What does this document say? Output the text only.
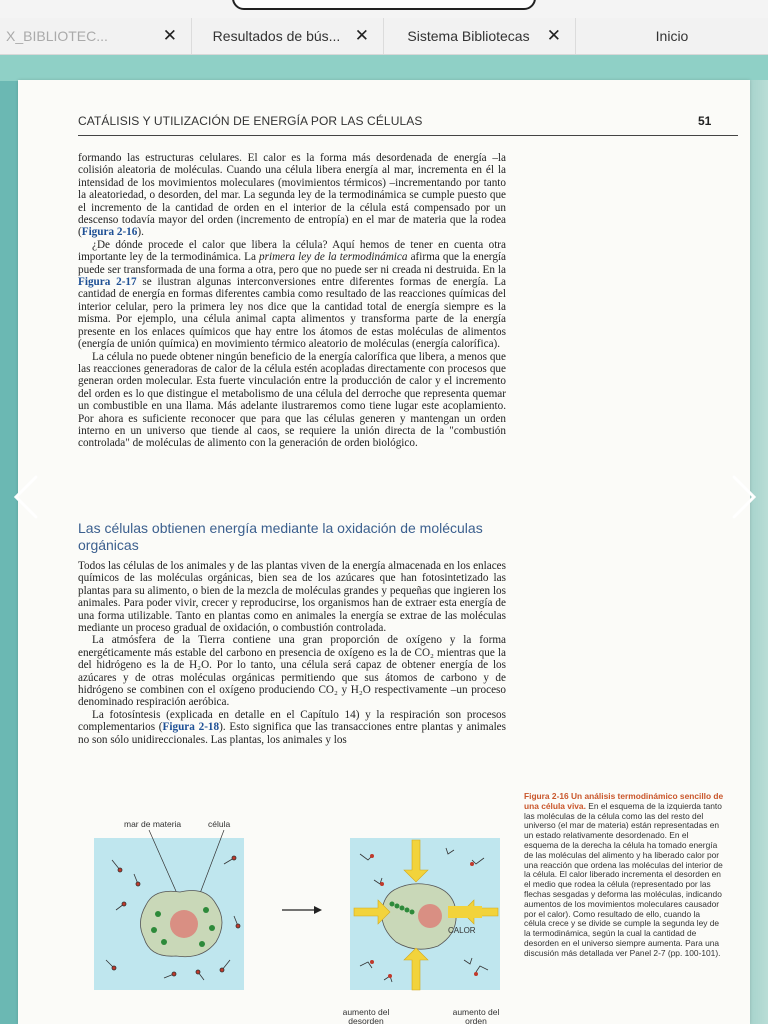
X_BIBLIOTEC...	✕	Resultados de bús... ✕	Sistema Bibliotecas	✕	Inicio
CATÁLISIS Y UTILIZACIÓN DE ENERGÍA POR LAS CÉLULAS	51

formando las estructuras celulares. El calor es la forma más desordenada de energía –la colisión aleatoria de moléculas. Cuando una célula libera energía al mar, incrementa en él la intensidad de los movimientos moleculares (movimientos térmicos) –incrementando por tanto la aleatoriedad, o desorden, del mar. La segunda ley de la termodinámica se cumple puesto que el incremento de la cantidad de orden en el interior de la célula está compensado por un descenso todavía mayor del orden (incremento de entropía) en el mar de materia que la rodea (Figura 2-16).

¿De dónde procede el calor que libera la célula? Aquí hemos de tener en cuenta otra importante ley de la termodinámica. La primera ley de la termodinámica afirma que la energía puede ser transformada de una forma a otra, pero que no puede ser ni creada ni destruida. En la Figura 2-17 se ilustran algunas interconversiones entre diferentes formas de energía. La cantidad de energía en formas diferentes cambia como resultado de las reacciones químicas del interior celular, pero la primera ley nos dice que la cantidad total de energía siempre es la misma. Por ejemplo, una célula animal capta alimentos y transforma parte de la energía presente en los enlaces químicos que hay entre los átomos de estas moléculas de alimentos (energía de unión química) en movimiento térmico aleatorio de moléculas (energía calorífica).

La célula no puede obtener ningún beneficio de la energía calorífica que libera, a menos que las reacciones generadoras de calor de la célula estén acopladas directamente con procesos que generan orden molecular. Esta fuerte vinculación entre la producción de calor y el incremento del orden es lo que distingue el metabolismo de una célula del derroche que representa quemar un combustible en una llama. Más adelante ilustraremos como tiene lugar este acoplamiento. Por ahora es suficiente reconocer que para que las células generen y mantengan un orden interno en un universo que tiende al caos, se requiere la unión directa de la "combustión controlada" de moléculas de alimento con la generación de orden biológico.

Las células obtienen energía mediante la oxidación de moléculas orgánicas

Todos las células de los animales y de las plantas viven de la energía almacenada en los enlaces químicos de las moléculas orgánicas, bien sea de los azúcares que han fotosintetizado las plantas para su alimento, o bien de la mezcla de moléculas grandes y pequeñas que ingieren los animales. Para poder vivir, crecer y reproducirse, los organismos han de extraer esta energía de una forma utilizable. Tanto en plantas como en animales la energía se extrae de las moléculas mediante un proceso gradual de oxidación, o combustión controlada.

La atmósfera de la Tierra contiene una gran proporción de oxígeno y la forma energéticamente más estable del carbono en presencia de oxígeno es la de CO₂ mientras que la del hidrógeno es la de H₂O. Por lo tanto, una célula será capaz de obtener energía de los azúcares y de otras moléculas orgánicas permitiendo que sus átomos de carbono y de hidrógeno se combinen con el oxígeno produciendo CO₂ y H₂O respectivamente –un proceso denominado respiración aeróbica.

La fotosíntesis (explicada en detalle en el Capítulo 14) y la respiración son procesos complementarios (Figura 2-18). Esto significa que las transacciones entre plantas y animales no son sólo unidireccionales. Las plantas, los animales y los

Figura 2-16 Un análisis termodinámico sencillo de una célula viva. En el esquema de la izquierda tanto las moléculas de la célula como las del resto del universo (el mar de materia) están representadas en un estado relativamente desordenado. En el esquema de la derecha la célula ha tomado energía de las moléculas del alimento y ha liberado calor por una reacción que ordena las moléculas del interior de la célula. El calor liberado incrementa el desorden en el medio que rodea la célula (representado por las flechas sesgadas y deforma las moléculas, indicando aumentos de los movimientos moleculares causador por el calor). Como resultado de ello, cuando la célula crece y se divide se cumple la segunda ley de la termodinámica, según la cual la cantidad de desorden en el universo siempre aumenta. Para una discusión más detallada ver Panel 2-7 (pp. 100-101).
mar de materia	célula
CALOR
aumento del desorden
aumento del orden
